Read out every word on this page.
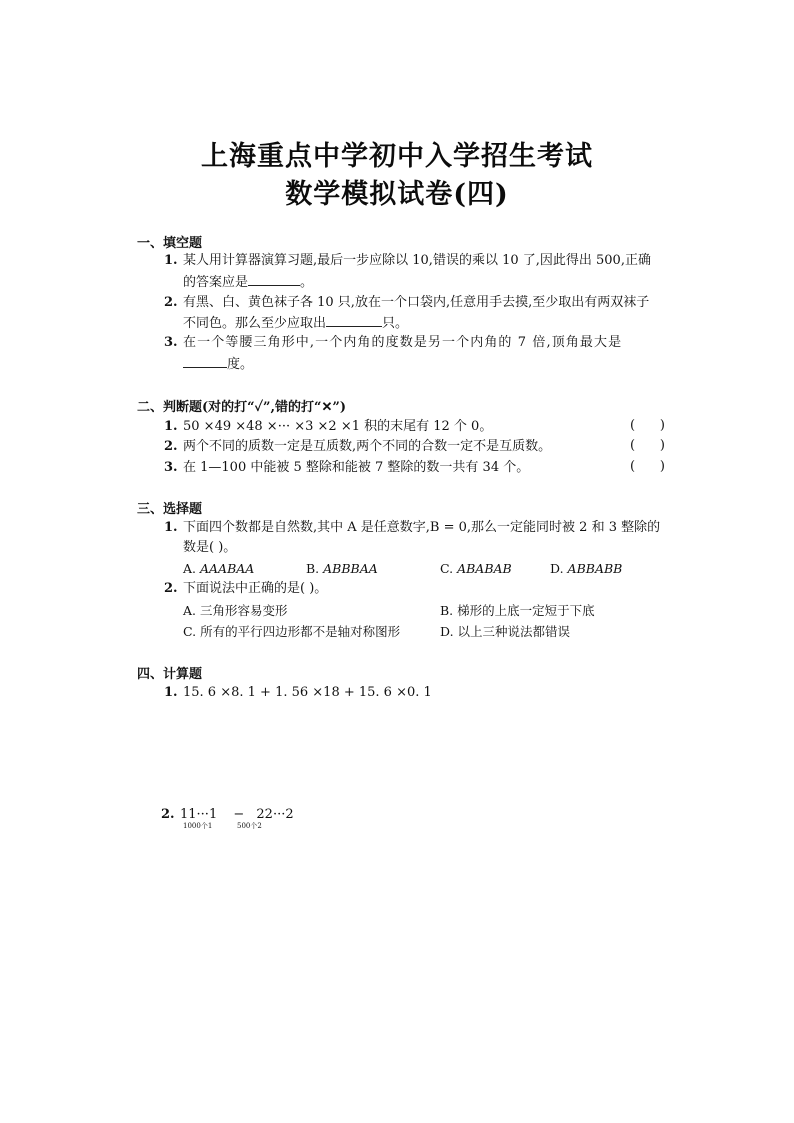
上海重点中学初中入学招生考试
数学模拟试卷(四)
一、填空题
1. 某人用计算器演算习题,最后一步应除以 10,错误的乘以 10 了,因此得出 500,正确
的答案应是	。
2. 有黑、白、黄色袜子各 10 只,放在一个口袋内,任意用手去摸,至少取出有两双袜子
不同色。那么至少应取出	只。
3. 在一个等腰三角形中,一个内角的度数是另一个内角的 7 倍,顶角最大是
度。
二、判断题(对的打“✓”,错的打“✕”)
1. 50 ×49 ×48 ×··· ×3 ×2 ×1 积的末尾有 12 个 0。	(      )
2. 两个不同的质数一定是互质数,两个不同的合数一定不是互质数。	(      )
3. 在 1—100 中能被 5 整除和能被 7 整除的数一共有 34 个。	(      )
三、选择题
1. 下面四个数都是自然数,其中 A 是任意数字,B = 0,那么一定能同时被 2 和 3 整除的
数是( )。
A. AAABAA	B. ABBBAA	C. ABABAB	D. ABBABB
2. 下面说法中正确的是( )。
A. 三角形容易变形	B. 梯形的上底一定短于下底
C. 所有的平行四边形都不是轴对称图形	D. 以上三种说法都错误
四、计算题
1. 15. 6 ×8. 1 + 1. 56 ×18 + 15. 6 ×0. 1
2. 11···1 − 22···2
1000个1	500个2
